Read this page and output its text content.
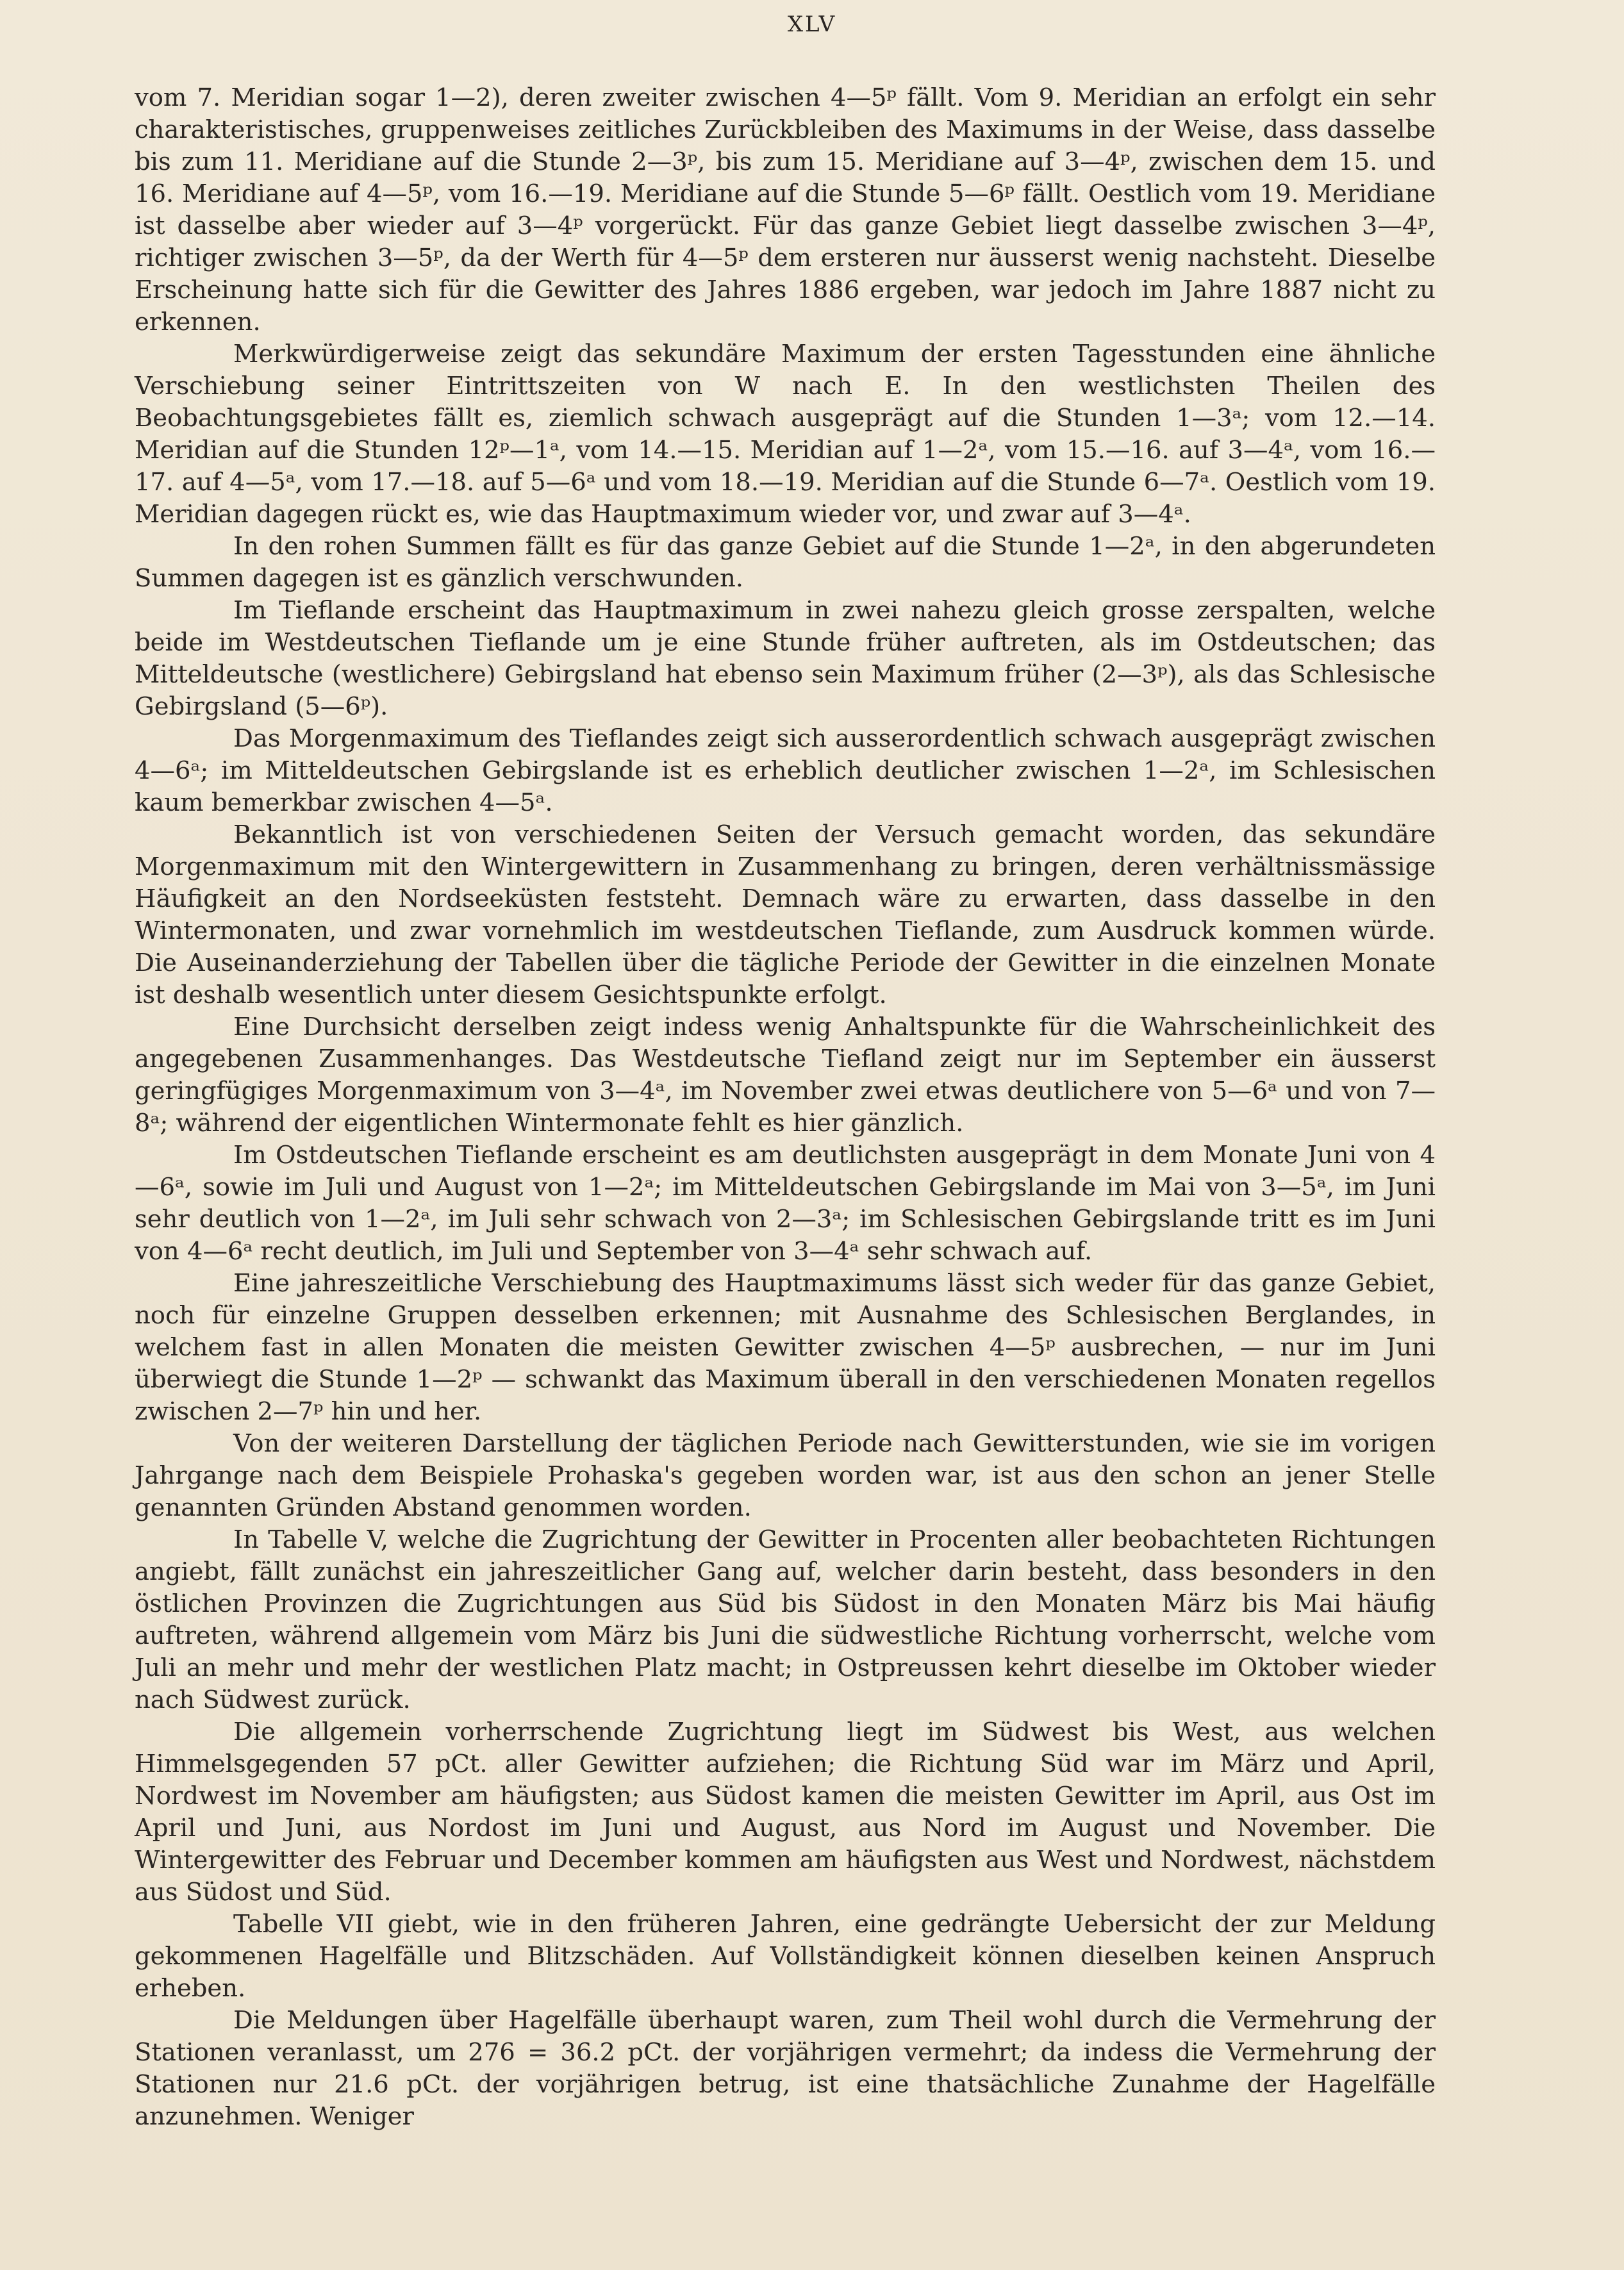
XLV

vom 7. Meridian sogar 1—2), deren zweiter zwischen 4—5ᵖ fällt. Vom 9. Meridian an erfolgt ein sehr charakteristisches, gruppenweises zeitliches Zurückbleiben des Maximums in der Weise, dass dasselbe bis zum 11. Meridiane auf die Stunde 2—3ᵖ, bis zum 15. Meridiane auf 3—4ᵖ, zwischen dem 15. und 16. Meridiane auf 4—5ᵖ, vom 16.—19. Meridiane auf die Stunde 5—6ᵖ fällt. Oestlich vom 19. Meridiane ist dasselbe aber wieder auf 3—4ᵖ vorgerückt. Für das ganze Gebiet liegt dasselbe zwischen 3—4ᵖ, richtiger zwischen 3—5ᵖ, da der Werth für 4—5ᵖ dem ersteren nur äusserst wenig nachsteht. Dieselbe Erscheinung hatte sich für die Gewitter des Jahres 1886 ergeben, war jedoch im Jahre 1887 nicht zu erkennen.

Merkwürdigerweise zeigt das sekundäre Maximum der ersten Tagesstunden eine ähnliche Verschiebung seiner Eintrittszeiten von W nach E. In den westlichsten Theilen des Beobachtungsgebietes fällt es, ziemlich schwach ausgeprägt auf die Stunden 1—3ᵃ; vom 12.—14. Meridian auf die Stunden 12ᵖ—1ᵃ, vom 14.—15. Meridian auf 1—2ᵃ, vom 15.—16. auf 3—4ᵃ, vom 16.—17. auf 4—5ᵃ, vom 17.—18. auf 5—6ᵃ und vom 18.—19. Meridian auf die Stunde 6—7ᵃ. Oestlich vom 19. Meridian dagegen rückt es, wie das Hauptmaximum wieder vor, und zwar auf 3—4ᵃ.

In den rohen Summen fällt es für das ganze Gebiet auf die Stunde 1—2ᵃ, in den abgerundeten Summen dagegen ist es gänzlich verschwunden.

Im Tieflande erscheint das Hauptmaximum in zwei nahezu gleich grosse zerspalten, welche beide im Westdeutschen Tieflande um je eine Stunde früher auftreten, als im Ostdeutschen; das Mitteldeutsche (westlichere) Gebirgsland hat ebenso sein Maximum früher (2—3ᵖ), als das Schlesische Gebirgsland (5—6ᵖ).

Das Morgenmaximum des Tieflandes zeigt sich ausserordentlich schwach ausgeprägt zwischen 4—6ᵃ; im Mitteldeutschen Gebirgslande ist es erheblich deutlicher zwischen 1—2ᵃ, im Schlesischen kaum bemerkbar zwischen 4—5ᵃ.

Bekanntlich ist von verschiedenen Seiten der Versuch gemacht worden, das sekundäre Morgenmaximum mit den Wintergewittern in Zusammenhang zu bringen, deren verhältnissmässige Häufigkeit an den Nordseeküsten feststeht. Demnach wäre zu erwarten, dass dasselbe in den Wintermonaten, und zwar vornehmlich im westdeutschen Tieflande, zum Ausdruck kommen würde. Die Auseinanderziehung der Tabellen über die tägliche Periode der Gewitter in die einzelnen Monate ist deshalb wesentlich unter diesem Gesichtspunkte erfolgt.

Eine Durchsicht derselben zeigt indess wenig Anhaltspunkte für die Wahrscheinlichkeit des angegebenen Zusammenhanges. Das Westdeutsche Tiefland zeigt nur im September ein äusserst geringfügiges Morgenmaximum von 3—4ᵃ, im November zwei etwas deutlichere von 5—6ᵃ und von 7—8ᵃ; während der eigentlichen Wintermonate fehlt es hier gänzlich.

Im Ostdeutschen Tieflande erscheint es am deutlichsten ausgeprägt in dem Monate Juni von 4—6ᵃ, sowie im Juli und August von 1—2ᵃ; im Mitteldeutschen Gebirgslande im Mai von 3—5ᵃ, im Juni sehr deutlich von 1—2ᵃ, im Juli sehr schwach von 2—3ᵃ; im Schlesischen Gebirgslande tritt es im Juni von 4—6ᵃ recht deutlich, im Juli und September von 3—4ᵃ sehr schwach auf.

Eine jahreszeitliche Verschiebung des Hauptmaximums lässt sich weder für das ganze Gebiet, noch für einzelne Gruppen desselben erkennen; mit Ausnahme des Schlesischen Berglandes, in welchem fast in allen Monaten die meisten Gewitter zwischen 4—5ᵖ ausbrechen, — nur im Juni überwiegt die Stunde 1—2ᵖ — schwankt das Maximum überall in den verschiedenen Monaten regellos zwischen 2—7ᵖ hin und her.

Von der weiteren Darstellung der täglichen Periode nach Gewitterstunden, wie sie im vorigen Jahrgange nach dem Beispiele Prohaska's gegeben worden war, ist aus den schon an jener Stelle genannten Gründen Abstand genommen worden.

In Tabelle V, welche die Zugrichtung der Gewitter in Procenten aller beobachteten Richtungen angiebt, fällt zunächst ein jahreszeitlicher Gang auf, welcher darin besteht, dass besonders in den östlichen Provinzen die Zugrichtungen aus Süd bis Südost in den Monaten März bis Mai häufig auftreten, während allgemein vom März bis Juni die südwestliche Richtung vorherrscht, welche vom Juli an mehr und mehr der westlichen Platz macht; in Ostpreussen kehrt dieselbe im Oktober wieder nach Südwest zurück.

Die allgemein vorherrschende Zugrichtung liegt im Südwest bis West, aus welchen Himmelsgegenden 57 pCt. aller Gewitter aufziehen; die Richtung Süd war im März und April, Nordwest im November am häufigsten; aus Südost kamen die meisten Gewitter im April, aus Ost im April und Juni, aus Nordost im Juni und August, aus Nord im August und November. Die Wintergewitter des Februar und December kommen am häufigsten aus West und Nordwest, nächstdem aus Südost und Süd.

Tabelle VII giebt, wie in den früheren Jahren, eine gedrängte Uebersicht der zur Meldung gekommenen Hagelfälle und Blitzschäden. Auf Vollständigkeit können dieselben keinen Anspruch erheben.

Die Meldungen über Hagelfälle überhaupt waren, zum Theil wohl durch die Vermehrung der Stationen veranlasst, um 276 = 36.2 pCt. der vorjährigen vermehrt; da indess die Vermehrung der Stationen nur 21.6 pCt. der vorjährigen betrug, ist eine thatsächliche Zunahme der Hagelfälle anzunehmen. Weniger
